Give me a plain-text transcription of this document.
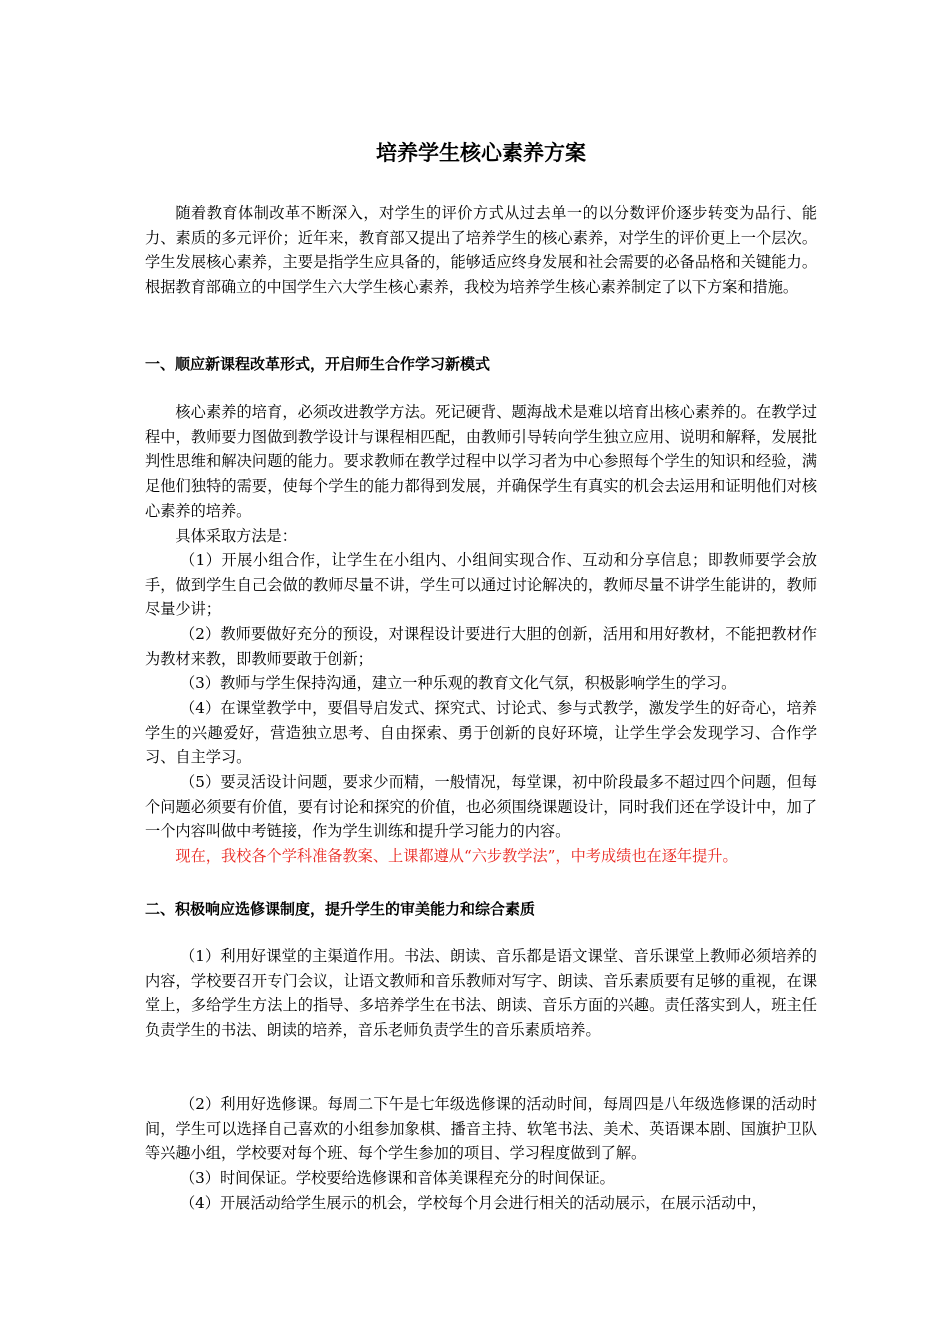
培养学生核心素养方案

随着教育体制改革不断深入，对学生的评价方式从过去单一的以分数评价逐步转变为品行、能力、素质的多元评价；近年来，教育部又提出了培养学生的核心素养，对学生的评价更上一个层次。学生发展核心素养，主要是指学生应具备的，能够适应终身发展和社会需要的必备品格和关键能力。根据教育部确立的中国学生六大学生核心素养，我校为培养学生核心素养制定了以下方案和措施。

一、顺应新课程改革形式，开启师生合作学习新模式

核心素养的培育，必须改进教学方法。死记硬背、题海战术是难以培育出核心素养的。在教学过程中，教师要力图做到教学设计与课程相匹配，由教师引导转向学生独立应用、说明和解释，发展批判性思维和解决问题的能力。要求教师在教学过程中以学习者为中心参照每个学生的知识和经验，满足他们独特的需要，使每个学生的能力都得到发展，并确保学生有真实的机会去运用和证明他们对核心素养的培养。

具体采取方法是：

（1）开展小组合作，让学生在小组内、小组间实现合作、互动和分享信息；即教师要学会放手，做到学生自己会做的教师尽量不讲，学生可以通过讨论解决的，教师尽量不讲学生能讲的，教师尽量少讲；

（2）教师要做好充分的预设，对课程设计要进行大胆的创新，活用和用好教材，不能把教材作为教材来教，即教师要敢于创新；

（3）教师与学生保持沟通，建立一种乐观的教育文化气氛，积极影响学生的学习。

（4）在课堂教学中，要倡导启发式、探究式、讨论式、参与式教学，激发学生的好奇心，培养学生的兴趣爱好，营造独立思考、自由探索、勇于创新的良好环境，让学生学会发现学习、合作学习、自主学习。

（5）要灵活设计问题，要求少而精，一般情况，每堂课，初中阶段最多不超过四个问题，但每个问题必须要有价值，要有讨论和探究的价值，也必须围绕课题设计，同时我们还在学设计中，加了一个内容叫做中考链接，作为学生训练和提升学习能力的内容。

现在，我校各个学科准备教案、上课都遵从“六步教学法”，中考成绩也在逐年提升。

二、积极响应选修课制度，提升学生的审美能力和综合素质

（1）利用好课堂的主渠道作用。书法、朗读、音乐都是语文课堂、音乐课堂上教师必须培养的内容，学校要召开专门会议，让语文教师和音乐教师对写字、朗读、音乐素质要有足够的重视，在课堂上，多给学生方法上的指导、多培养学生在书法、朗读、音乐方面的兴趣。责任落实到人，班主任负责学生的书法、朗读的培养，音乐老师负责学生的音乐素质培养。

（2）利用好选修课。每周二下午是七年级选修课的活动时间，每周四是八年级选修课的活动时间，学生可以选择自己喜欢的小组参加象棋、播音主持、软笔书法、美术、英语课本剧、国旗护卫队等兴趣小组，学校要对每个班、每个学生参加的项目、学习程度做到了解。

（3）时间保证。学校要给选修课和音体美课程充分的时间保证。

（4）开展活动给学生展示的机会，学校每个月会进行相关的活动展示，在展示活动中，
